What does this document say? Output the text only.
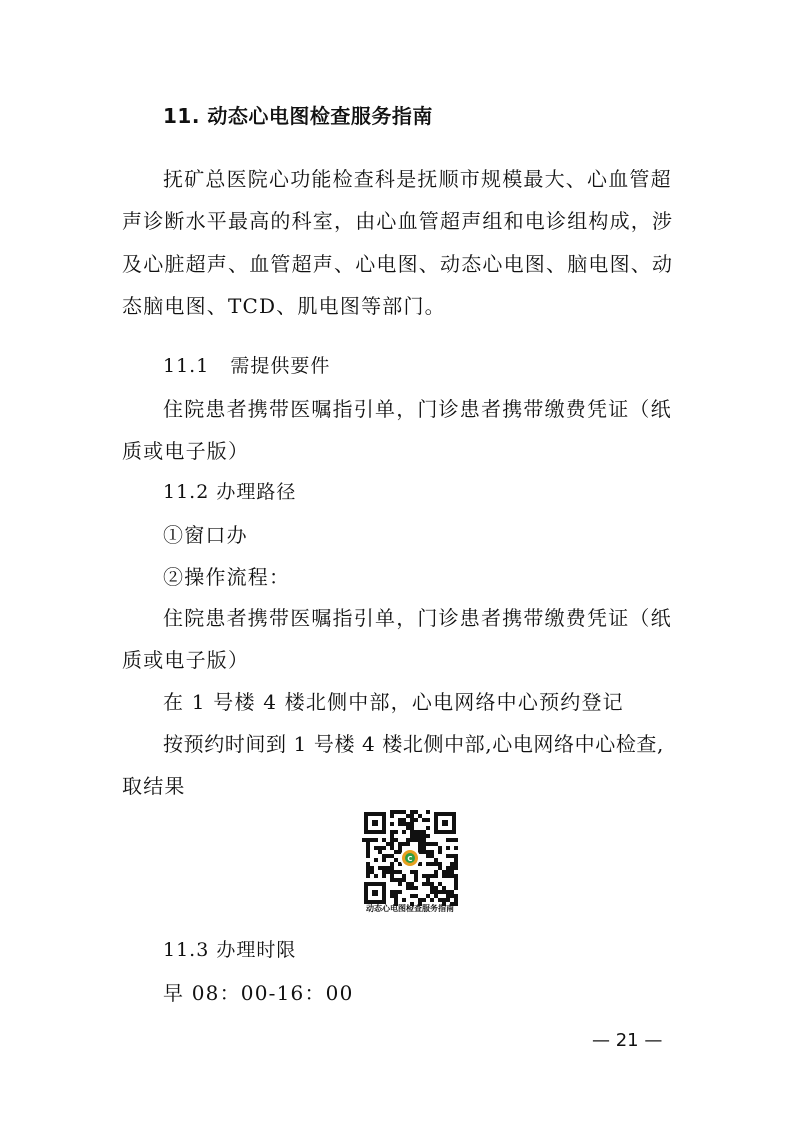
11. 动态心电图检查服务指南
抚矿总医院心功能检查科是抚顺市规模最大、心血管超
声诊断水平最高的科室，由心血管超声组和电诊组构成，涉
及心脏超声、血管超声、心电图、动态心电图、脑电图、动
态脑电图、TCD、肌电图等部门。
11.1   需提供要件
住院患者携带医嘱指引单，门诊患者携带缴费凭证（纸
质或电子版）
11.2 办理路径
①窗口办
②操作流程：
住院患者携带医嘱指引单，门诊患者携带缴费凭证（纸
质或电子版）
在 1 号楼 4 楼北侧中部，心电网络中心预约登记
按预约时间到 1 号楼 4 楼北侧中部,心电网络中心检查,
取结果
C
动态心电图检查服务指南
11.3 办理时限
早 08：00-16：00
— 21 —
